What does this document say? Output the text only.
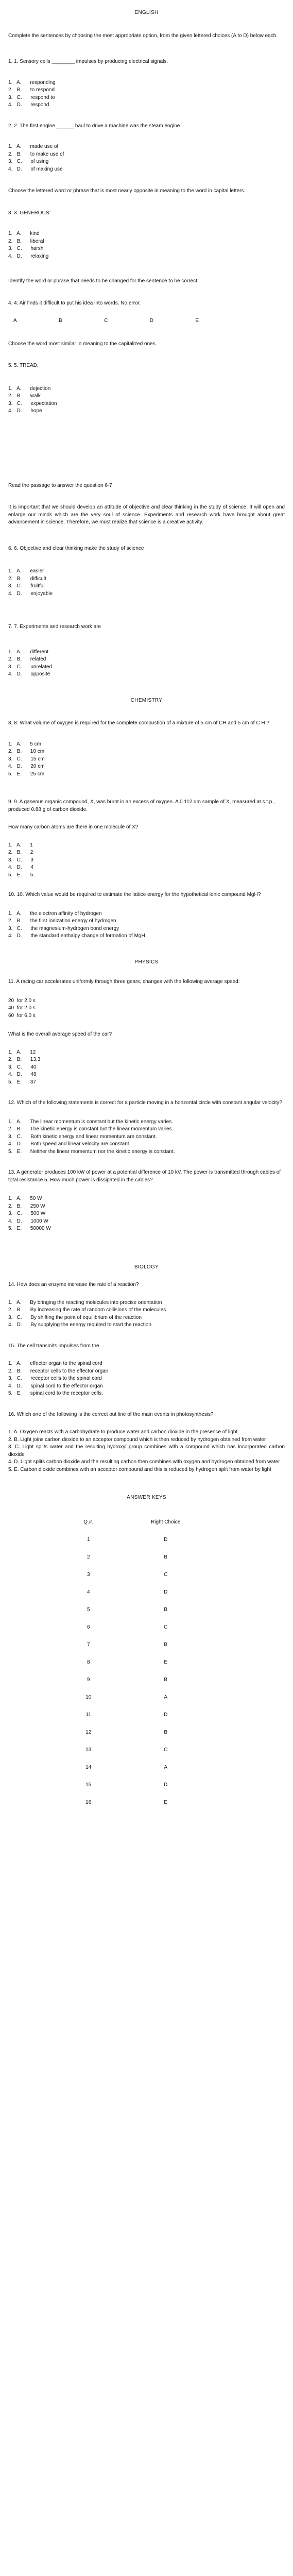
ENGLISH

Complete the sentences by choosing the most appropriate option, from the given lettered choices (A to D) below each.

1. 1. Sensory cells ________ impulses by producing electrical signals.

1.   A.      responding
2.   B.      to respond
3.   C.      respond to
4.   D.      respond

2. 2. The first engine ______ haul to drive a machine was the steam engine.

1.   A.      made use of
2.   B.      to make use of
3.   C.      of using
4.   D.      of making use

Choose the lettered word or phrase that is most nearly opposite in meaning to the word in capital letters.

3. 3. GENEROUS:

1.   A.      kind
2.   B.      liberal
3.   C.      harsh
4.   D.      relaxing

Identify the word or phrase that needs to be changed for the sentence to be correct:

4. 4. Air finds it difficult to put his idea into words. No error.

A	B	C	D	E

Choose the word most similar in meaning to the capitalized ones.

5. 5. TREAD:

1.   A.      dejection
2.   B.      walk
3.   C.      expectation
4.   D.      hope

Read the passage to answer the question 6-7

It is important that we should develop an attitude of objective and clear thinking in the study of science. It will open and enlarge our minds which are the very soul of science. Experiments and research work have brought about great advancement in science. Therefore, we must realize that science is a creative activity.

6. 6. Objective and clear thinking make the study of science

1.   A.      easier
2.   B.      difficult
3.   C.      fruitful
4.   D.      enjoyable

7. 7. Experiments and research work are

1.   A.      different
2.   B.      related
3.   C.      unrelated
4.   D.      opposite

CHEMISTRY

8. 8. What volume of oxygen is required for the complete combustion of a mixture of 5 cm of CH and 5 cm of C H ?

1.   A.      5 cm
2.   B.      10 cm
3.   C.      15 cm
4.   D.      20 cm
5.   E.      25 cm

9. 9. A gaseous organic compound, X, was burnt in an excess of oxygen. A 0.112 dm sample of X, measured at s.t.p., produced 0.88 g of carbon dioxide.

How many carbon atoms are there in one molecule of X?

1.   A.      1
2.   B.      2
3.   C.      3
4.   D.      4
5.   E.      5

10. 10. Which value would be required to estimate the lattice energy for the hypothetical ionic compound MgH?

1.   A.      the electron affinity of hydrogen
2.   B.      the first ionization energy of hydrogen
3.   C.      the magnesium-hydrogen bond energy
4.   D.      the standard enthalpy change of formation of MgH

PHYSICS

11. A racing car accelerates uniformly through three gears, changes with the following average speed:

20  for 2.0 s
40  for 2.0 s
60  for 6.0 s

What is the overall average speed of the car?

1.   A.      12
2.   B.      13.3
3.   C.      40
4.   D.      48
5.   E.      37

12. Which of the following statements is correct for a particle moving in a horizontal circle with constant angular velocity?

1.   A.      The linear momentum is constant but the kinetic energy varies.
2.   B.      The kinetic energy is constant but the linear momentum varies.
3.   C.      Both kinetic energy and linear momentum are constant.
4.   D.      Both speed and linear velocity are constant.
5.   E.      Neither the linear momentum nor the kinetic energy is constant.

13. A generator produces 100 kW of power at a potential difference of 10 kV. The power is transmitted through cables of total resistance 5. How much power is dissipated in the cables?

1.   A.      50 W
2.   B.      250 W
3.   C.      500 W
4.   D.      1000 W
5.   E.      50000 W

BIOLOGY

14. How does an enzyme increase the rate of a reaction?

1.   A.      By bringing the reacting molecules into precise orientation
2.   B.      By increasing the rate of random collisions of the molecules
3.   C.      By shifting the point of equilibrium of the reaction
4.   D.      By supplying the energy required to start the reaction

15. The cell transmits impulses from the

1.   A.      effector organ to the spinal cord
2.   B.      receptor cells to the effector organ
3.   C.      receptor cells to the spinal cord
4.   D.      spinal cord to the effector organ
5.   E.      spinal cord to the receptor cells.

16. Which one of the following is the correct out line of the main events in photosynthesis?

1. A. Oxygen reacts with a carbohydrate to produce water and carbon dioxide in the presence of light

2. B. Light joins carbon dioxide to an acceptor compound which is then reduced by hydrogen obtained from water

3. C. Light splits water and the resulting hydroxyl group combines with a compound which has incorporated carbon dioxide

4. D. Light splits carbon dioxide and the resulting carbon then combines with oxygen and hydrogen obtained from water

5. E. Carbon dioxide combines with an acceptor compound and this is reduced by hydrogen split from water by light

ANSWER KEYS

Q.#.	Right Choice
1	D
2	B
3	C
4	D
5	B
6	C
7	B
8	E
9	B
10	A
11	D
12	B
13	C
14	A
15	D
16	E
